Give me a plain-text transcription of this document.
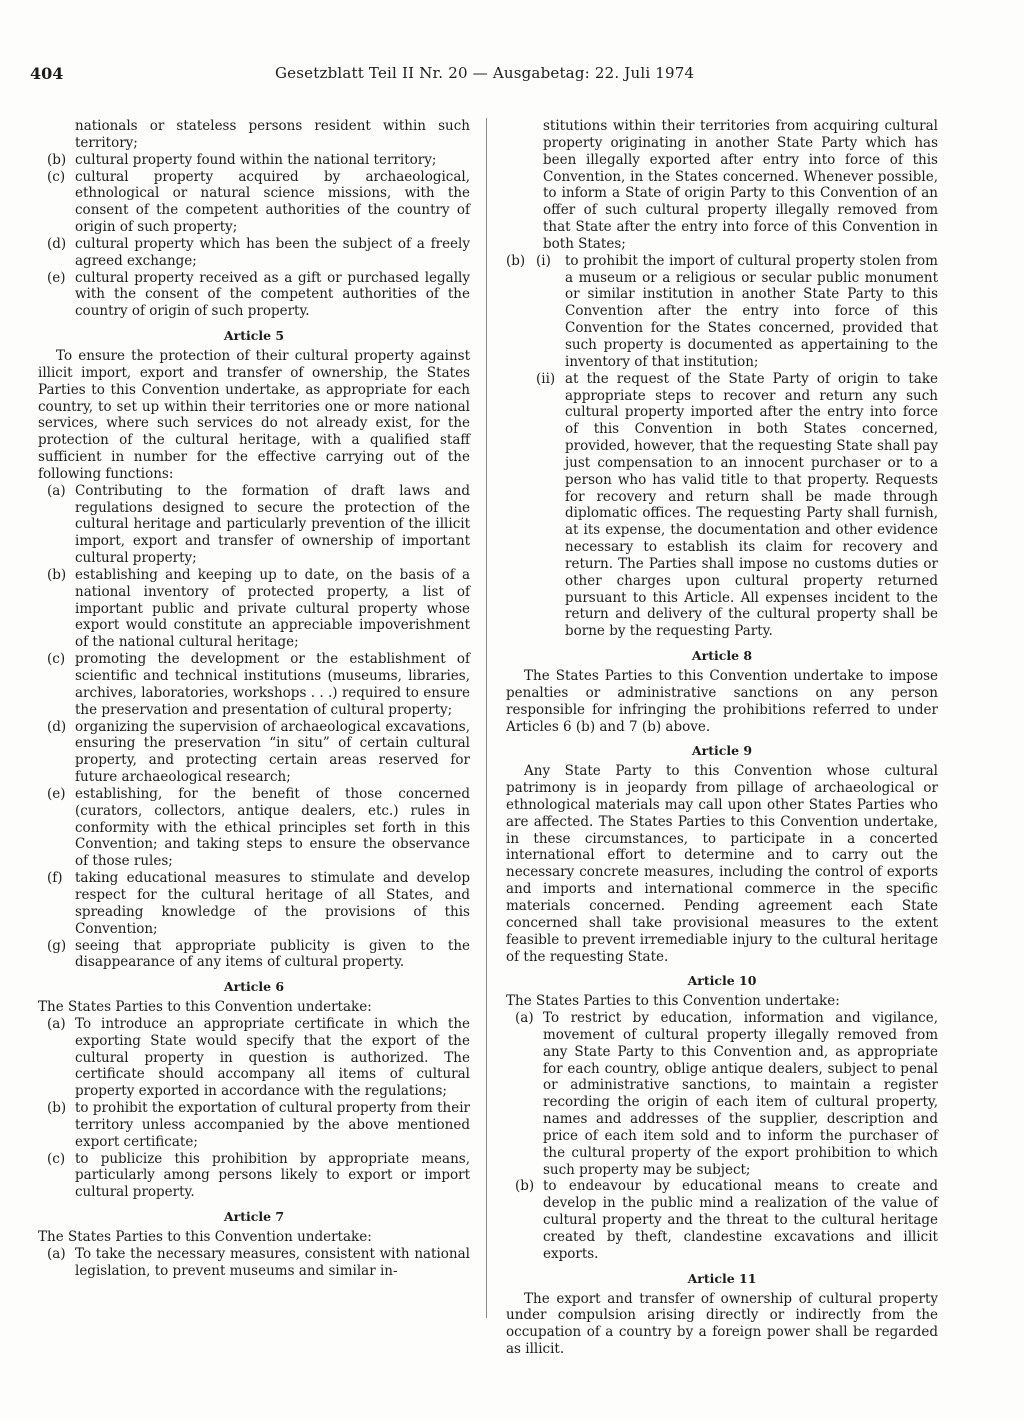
404	Gesetzblatt Teil II Nr. 20 — Ausgabetag: 22. Juli 1974

nationals or stateless persons resident within such territory;

(b) cultural property found within the national territory;
(c) cultural property acquired by archaeological, ethnological or natural science missions, with the consent of the competent authorities of the country of origin of such property;
(d) cultural property which has been the subject of a freely agreed exchange;
(e) cultural property received as a gift or purchased legally with the consent of the competent authorities of the country of origin of such property.
Article 5

To ensure the protection of their cultural property against illicit import, export and transfer of ownership, the States Parties to this Convention undertake, as appropriate for each country, to set up within their territories one or more national services, where such services do not already exist, for the protection of the cultural heritage, with a qualified staff sufficient in number for the effective carrying out of the following functions:

(a) Contributing to the formation of draft laws and regulations designed to secure the protection of the cultural heritage and particularly prevention of the illicit import, export and transfer of ownership of important cultural property;
(b) establishing and keeping up to date, on the basis of a national inventory of protected property, a list of important public and private cultural property whose export would constitute an appreciable impoverishment of the national cultural heritage;
(c) promoting the development or the establishment of scientific and technical institutions (museums, libraries, archives, laboratories, workshops . . .) required to ensure the preservation and presentation of cultural property;
(d) organizing the supervision of archaeological excavations, ensuring the preservation “in situ” of certain cultural property, and protecting certain areas reserved for future archaeological research;
(e) establishing, for the benefit of those concerned (curators, collectors, antique dealers, etc.) rules in conformity with the ethical principles set forth in this Convention; and taking steps to ensure the observance of those rules;
(f) taking educational measures to stimulate and develop respect for the cultural heritage of all States, and spreading knowledge of the provisions of this Convention;
(g) seeing that appropriate publicity is given to the disappearance of any items of cultural property.
Article 6

The States Parties to this Convention undertake:

(a) To introduce an appropriate certificate in which the exporting State would specify that the export of the cultural property in question is authorized. The certificate should accompany all items of cultural property exported in accordance with the regulations;
(b) to prohibit the exportation of cultural property from their territory unless accompanied by the above mentioned export certificate;
(c) to publicize this prohibition by appropriate means, particularly among persons likely to export or import cultural property.
Article 7

The States Parties to this Convention undertake:

(a) To take the necessary measures, consistent with national legislation, to prevent museums and similar in-

stitutions within their territories from acquiring cultural property originating in another State Party which has been illegally exported after entry into force of this Convention, in the States concerned. Whenever possible, to inform a State of origin Party to this Convention of an offer of such cultural property illegally removed from that State after the entry into force of this Convention in both States;

(b) (i) to prohibit the import of cultural property stolen from a museum or a religious or secular public monument or similar institution in another State Party to this Convention after the entry into force of this Convention for the States concerned, provided that such property is documented as appertaining to the inventory of that institution;
(ii) at the request of the State Party of origin to take appropriate steps to recover and return any such cultural property imported after the entry into force of this Convention in both States concerned, provided, however, that the requesting State shall pay just compensation to an innocent purchaser or to a person who has valid title to that property. Requests for recovery and return shall be made through diplomatic offices. The requesting Party shall furnish, at its expense, the documentation and other evidence necessary to establish its claim for recovery and return. The Parties shall impose no customs duties or other charges upon cultural property returned pursuant to this Article. All expenses incident to the return and delivery of the cultural property shall be borne by the requesting Party.
Article 8

The States Parties to this Convention undertake to impose penalties or administrative sanctions on any person responsible for infringing the prohibitions referred to under Articles 6 (b) and 7 (b) above.

Article 9

Any State Party to this Convention whose cultural patrimony is in jeopardy from pillage of archaeological or ethnological materials may call upon other States Parties who are affected. The States Parties to this Convention undertake, in these circumstances, to participate in a concerted international effort to determine and to carry out the necessary concrete measures, including the control of exports and imports and international commerce in the specific materials concerned. Pending agreement each State concerned shall take provisional measures to the extent feasible to prevent irremediable injury to the cultural heritage of the requesting State.

Article 10

The States Parties to this Convention undertake:

(a) To restrict by education, information and vigilance, movement of cultural property illegally removed from any State Party to this Convention and, as appropriate for each country, oblige antique dealers, subject to penal or administrative sanctions, to maintain a register recording the origin of each item of cultural property, names and addresses of the supplier, description and price of each item sold and to inform the purchaser of the cultural property of the export prohibition to which such property may be subject;
(b) to endeavour by educational means to create and develop in the public mind a realization of the value of cultural property and the threat to the cultural heritage created by theft, clandestine excavations and illicit exports.
Article 11

The export and transfer of ownership of cultural property under compulsion arising directly or indirectly from the occupation of a country by a foreign power shall be regarded as illicit.
